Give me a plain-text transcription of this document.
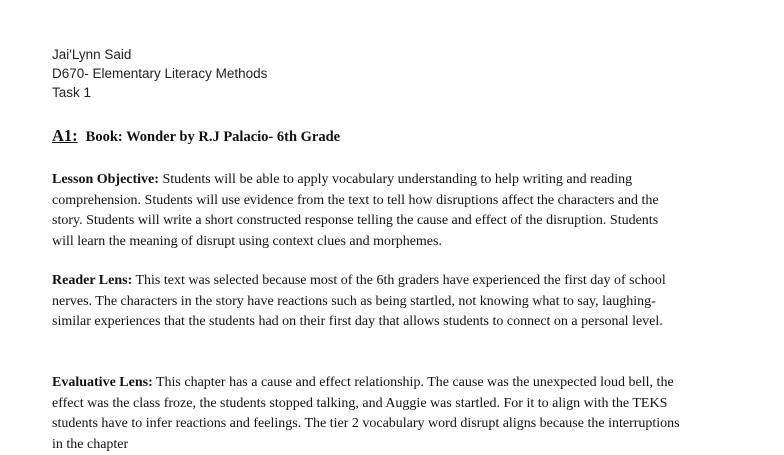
Jai'Lynn Said
D670- Elementary Literacy Methods
Task 1
A1: Book: Wonder by R.J Palacio- 6th Grade
Lesson Objective: Students will be able to apply vocabulary understanding to help writing and reading
comprehension. Students will use evidence from the text to tell how disruptions affect the characters and the
story. Students will write a short constructed response telling the cause and effect of the disruption. Students
will learn the meaning of disrupt using context clues and morphemes.
Reader Lens: This text was selected because most of the 6th graders have experienced the first day of school
nerves. The characters in the story have reactions such as being startled, not knowing what to say, laughing-
similar experiences that the students had on their first day that allows students to connect on a personal level.
Evaluative Lens: This chapter has a cause and effect relationship. The cause was the unexpected loud bell, the
effect was the class froze, the students stopped talking, and Auggie was startled. For it to align with the TEKS
students have to infer reactions and feelings. The tier 2 vocabulary word disrupt aligns because the interruptions
in the chapter
